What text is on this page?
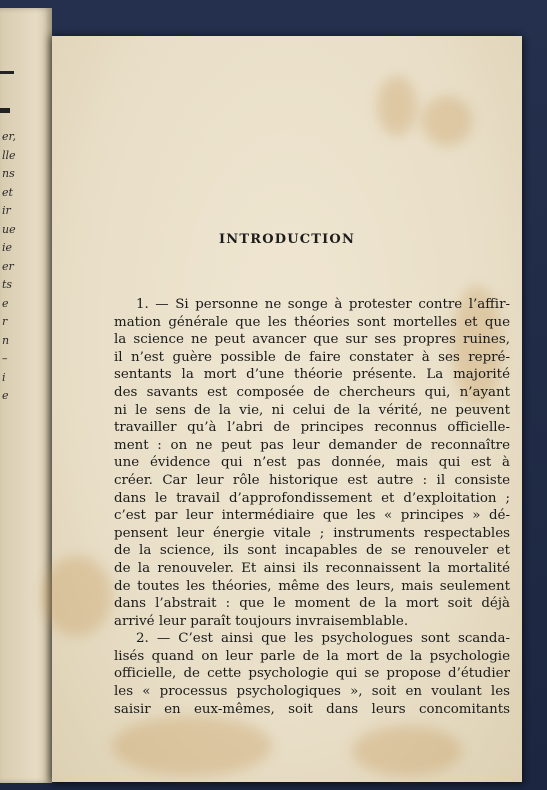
er,
lle
ns
et
ir
ue
ie
er
ts
e
r
n
–
i
e
INTRODUCTION
1. — Si personne ne songe à protester contre l’affir-
mation générale que les théories sont mortelles et que
la science ne peut avancer que sur ses propres ruines,
il n’est guère possible de faire constater à ses repré-
sentants la mort d’une théorie présente. La majorité
des savants est composée de chercheurs qui, n’ayant
ni le sens de la vie, ni celui de la vérité, ne peuvent
travailler qu’à l’abri de principes reconnus officielle-
ment : on ne peut pas leur demander de reconnaître
une évidence qui n’est pas donnée, mais qui est à
créer. Car leur rôle historique est autre : il consiste
dans le travail d’approfondissement et d’exploitation ;
c’est par leur intermédiaire que les « principes » dé-
pensent leur énergie vitale ; instruments respectables
de la science, ils sont incapables de se renouveler et
de la renouveler. Et ainsi ils reconnaissent la mortalité
de toutes les théories, même des leurs, mais seulement
dans l’abstrait : que le moment de la mort soit déjà
arrivé leur paraît toujours invraisemblable.
2. — C’est ainsi que les psychologues sont scanda-
lisés quand on leur parle de la mort de la psychologie
officielle, de cette psychologie qui se propose d’étudier
les « processus psychologiques », soit en voulant les
saisir en eux-mêmes, soit dans leurs concomitants
